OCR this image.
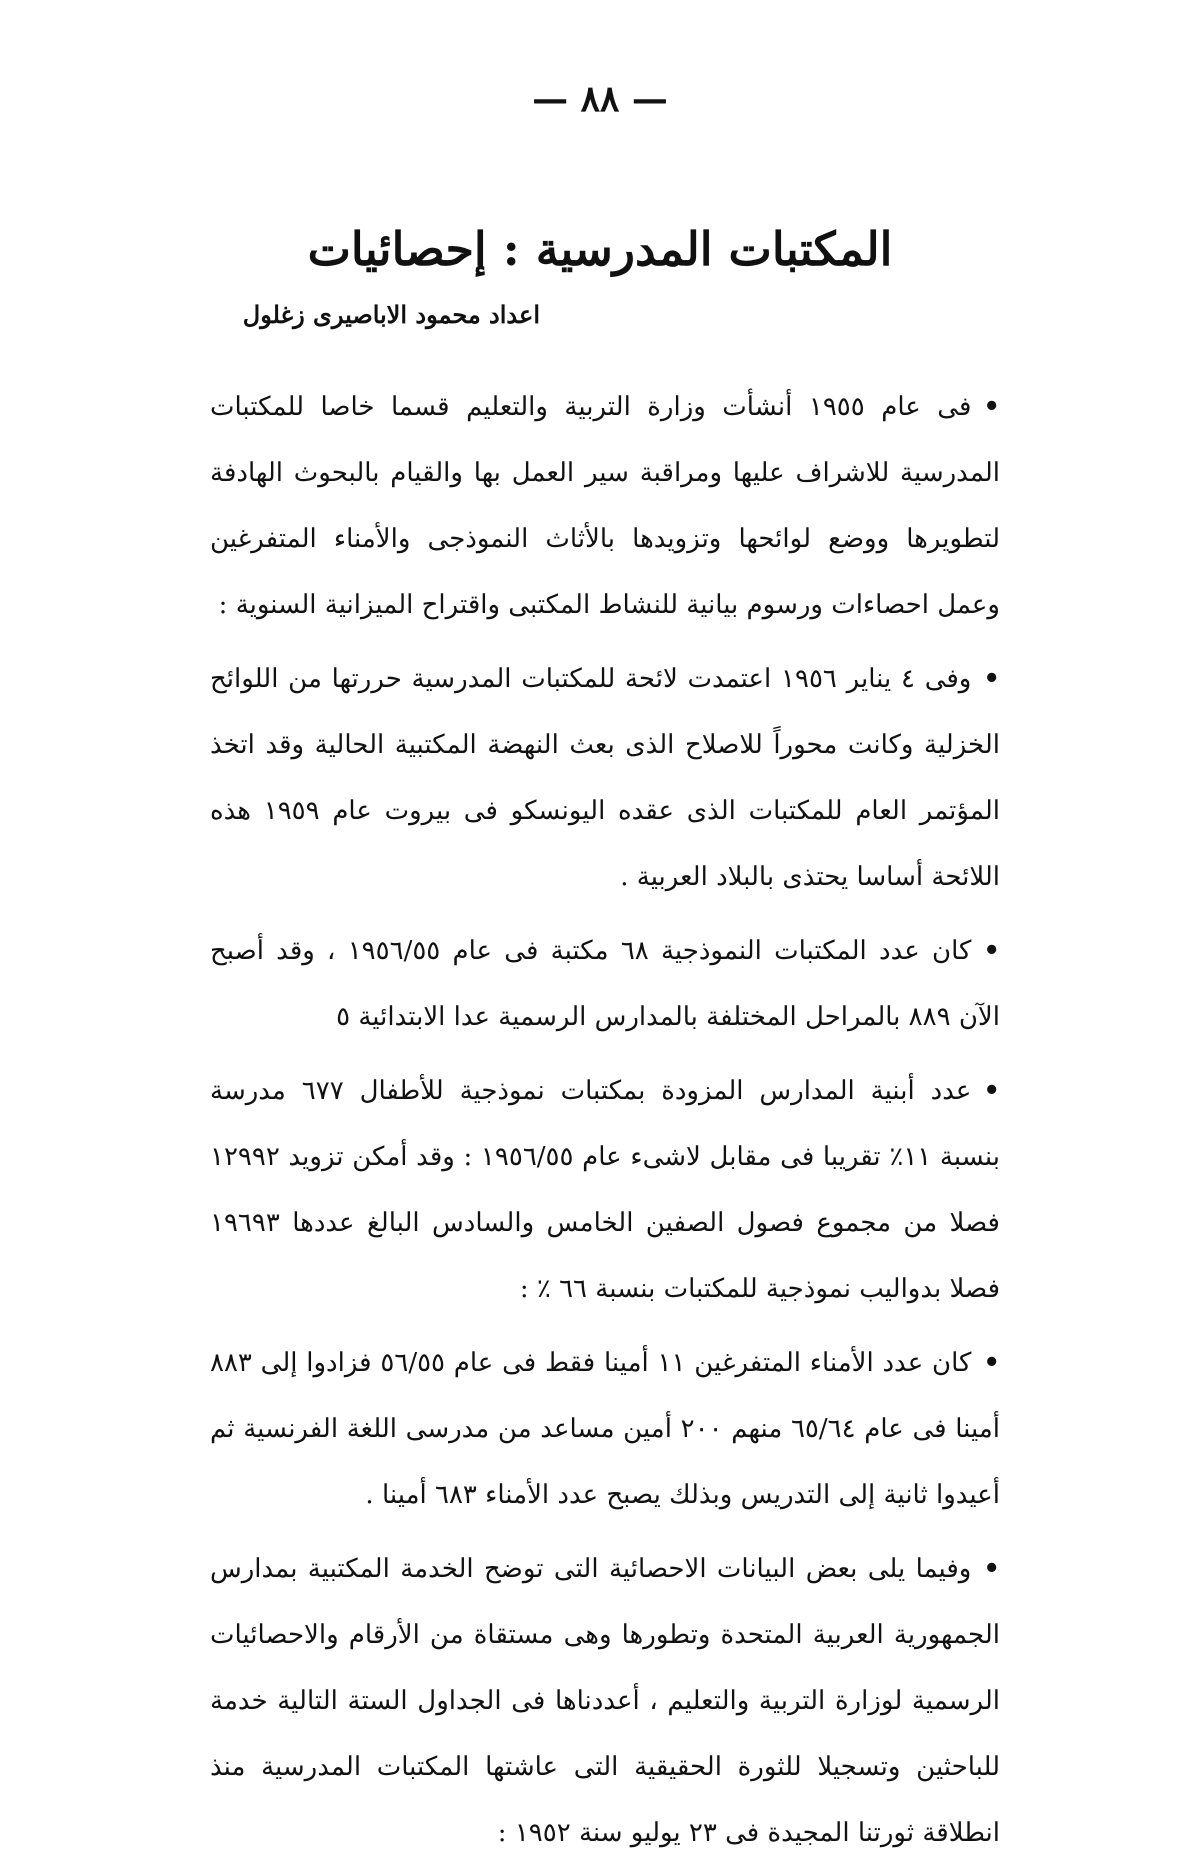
— ٨٨ —
المكتبات المدرسية : إحصائيات
اعداد محمود الاباصيرى زغلول

•فى عام ١٩٥٥ أنشأت وزارة التربية والتعليم قسما خاصا للمكتبات المدرسية للاشراف عليها ومراقبة سير العمل بها والقيام بالبحوث الهادفة لتطويرها ووضع لوائحها وتزويدها بالأثاث النموذجى والأمناء المتفرغين وعمل احصاءات ورسوم بيانية للنشاط المكتبى واقتراح الميزانية السنوية :

•وفى ٤ يناير ١٩٥٦ اعتمدت لائحة للمكتبات المدرسية حررتها من اللوائح الخزلية وكانت محوراً للاصلاح الذى بعث النهضة المكتبية الحالية وقد اتخذ المؤتمر العام للمكتبات الذى عقده اليونسكو فى بيروت عام ١٩٥٩ هذه اللائحة أساسا يحتذى بالبلاد العربية .

•كان عدد المكتبات النموذجية ٦٨ مكتبة فى عام ١٩٥٦/٥٥ ، وقد أصبح الآن ٨٨٩ بالمراحل المختلفة بالمدارس الرسمية عدا الابتدائية ٥

•عدد أبنية المدارس المزودة بمكتبات نموذجية للأطفال ٦٧٧ مدرسة بنسبة ١١٪ تقريبا فى مقابل لاشىء عام ١٩٥٦/٥٥ : وقد أمكن تزويد ١٢٩٩٢ فصلا من مجموع فصول الصفين الخامس والسادس البالغ عددها ١٩٦٩٣ فصلا بدواليب نموذجية للمكتبات بنسبة ٦٦ ٪ :

•كان عدد الأمناء المتفرغين ١١ أمينا فقط فى عام ٥٦/٥٥ فزادوا إلى ٨٨٣ أمينا فى عام ٦٥/٦٤ منهم ٢٠٠ أمين مساعد من مدرسى اللغة الفرنسية ثم أعيدوا ثانية إلى التدريس وبذلك يصبح عدد الأمناء ٦٨٣ أمينا .

•وفيما يلى بعض البيانات الاحصائية التى توضح الخدمة المكتبية بمدارس الجمهورية العربية المتحدة وتطورها وهى مستقاة من الأرقام والاحصائيات الرسمية لوزارة التربية والتعليم ، أعددناها فى الجداول الستة التالية خدمة للباحثين وتسجيلا للثورة الحقيقية التى عاشتها المكتبات المدرسية منذ انطلاقة ثورتنا المجيدة فى ٢٣ يوليو سنة ١٩٥٢ :
